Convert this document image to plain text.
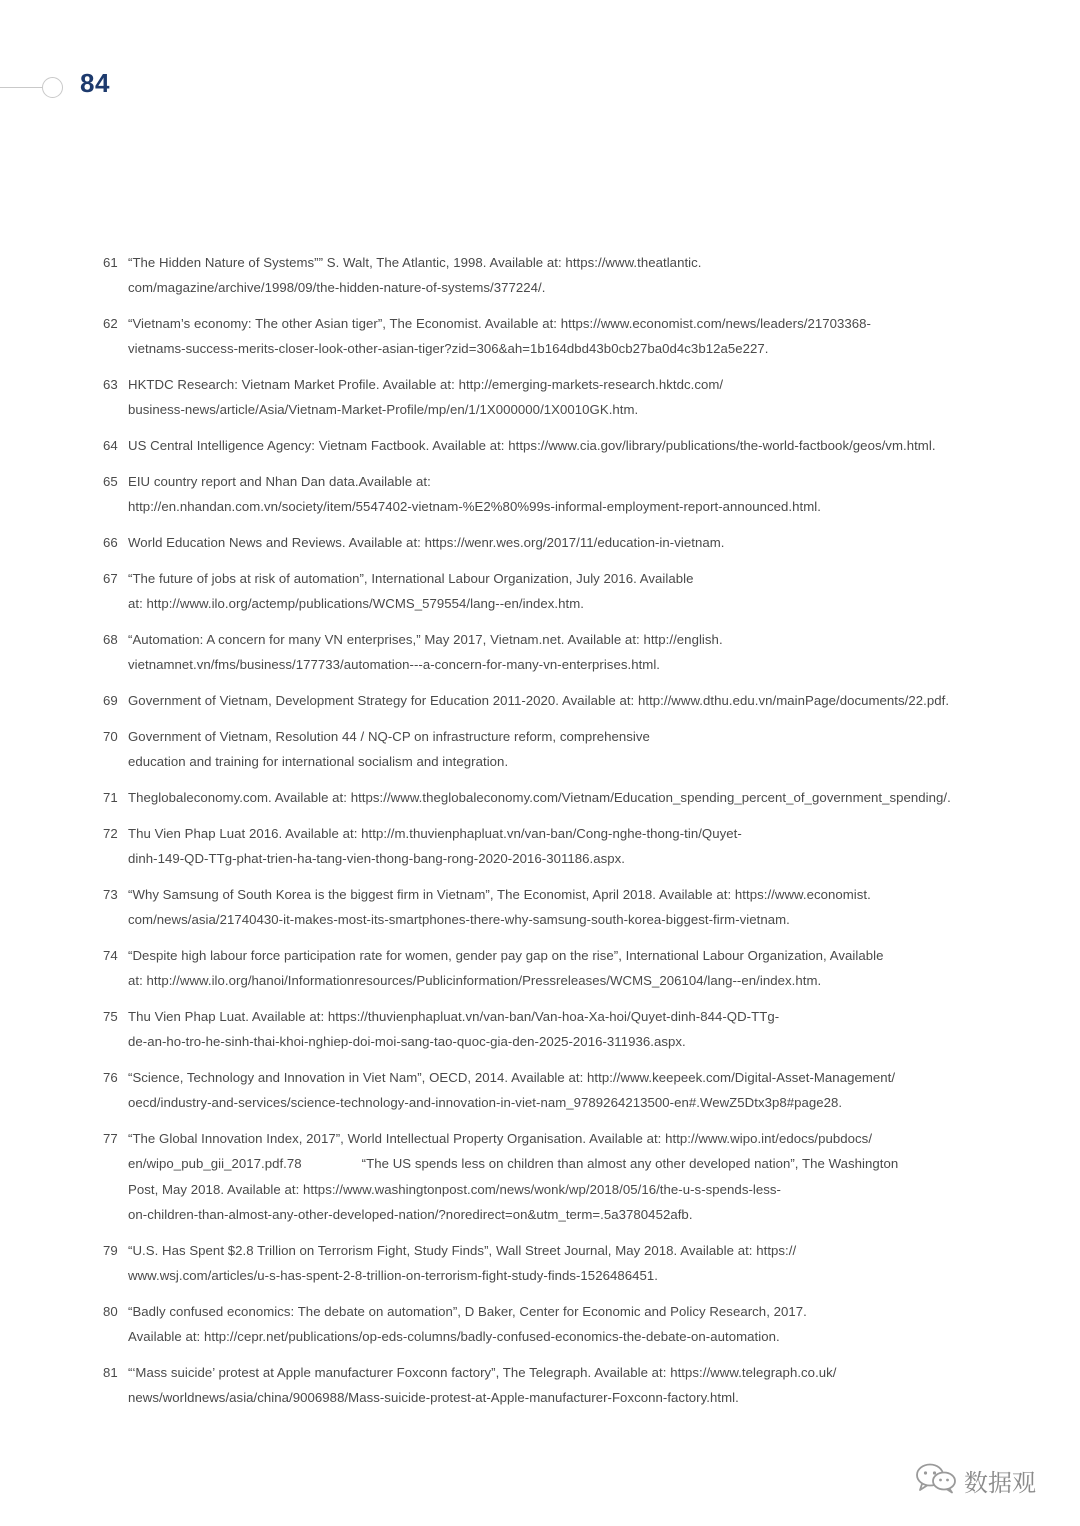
84
61 “The Hidden Nature of Systems”” S. Walt, The Atlantic, 1998. Available at: https://www.theatlantic.
com/magazine/archive/1998/09/the-hidden-nature-of-systems/377224/.
62 “Vietnam’s economy: The other Asian tiger”, The Economist. Available at: https://www.economist.com/news/leaders/21703368-
vietnams-success-merits-closer-look-other-asian-tiger?zid=306&ah=1b164dbd43b0cb27ba0d4c3b12a5e227.
63 HKTDC Research: Vietnam Market Profile. Available at: http://emerging-markets-research.hktdc.com/
business-news/article/Asia/Vietnam-Market-Profile/mp/en/1/1X000000/1X0010GK.htm.
64 US Central Intelligence Agency: Vietnam Factbook. Available at: https://www.cia.gov/library/publications/the-world-factbook/geos/vm.html.
65 EIU country report and Nhan Dan data.Available at:
http://en.nhandan.com.vn/society/item/5547402-vietnam-%E2%80%99s-informal-employment-report-announced.html.
66 World Education News and Reviews. Available at: https://wenr.wes.org/2017/11/education-in-vietnam.
67 “The future of jobs at risk of automation”, International Labour Organization, July 2016. Available
at: http://www.ilo.org/actemp/publications/WCMS_579554/lang--en/index.htm.
68 “Automation: A concern for many VN enterprises,” May 2017, Vietnam.net. Available at: http://english.
vietnamnet.vn/fms/business/177733/automation---a-concern-for-many-vn-enterprises.html.
69 Government of Vietnam, Development Strategy for Education 2011-2020. Available at: http://www.dthu.edu.vn/mainPage/documents/22.pdf.
70 Government of Vietnam, Resolution 44 / NQ-CP on infrastructure reform, comprehensive
education and training for international socialism and integration.
71 Theglobaleconomy.com. Available at: https://www.theglobaleconomy.com/Vietnam/Education_spending_percent_of_government_spending/.
72 Thu Vien Phap Luat 2016. Available at: http://m.thuvienphapluat.vn/van-ban/Cong-nghe-thong-tin/Quyet-
dinh-149-QD-TTg-phat-trien-ha-tang-vien-thong-bang-rong-2020-2016-301186.aspx.
73 “Why Samsung of South Korea is the biggest firm in Vietnam”, The Economist, April 2018. Available at: https://www.economist.
com/news/asia/21740430-it-makes-most-its-smartphones-there-why-samsung-south-korea-biggest-firm-vietnam.
74 “Despite high labour force participation rate for women, gender pay gap on the rise”, International Labour Organization, Available
at: http://www.ilo.org/hanoi/Informationresources/Publicinformation/Pressreleases/WCMS_206104/lang--en/index.htm.
75 Thu Vien Phap Luat. Available at: https://thuvienphapluat.vn/van-ban/Van-hoa-Xa-hoi/Quyet-dinh-844-QD-TTg-
de-an-ho-tro-he-sinh-thai-khoi-nghiep-doi-moi-sang-tao-quoc-gia-den-2025-2016-311936.aspx.
76 “Science, Technology and Innovation in Viet Nam”, OECD, 2014. Available at: http://www.keepeek.com/Digital-Asset-Management/
oecd/industry-and-services/science-technology-and-innovation-in-viet-nam_9789264213500-en#.WewZ5Dtx3p8#page28.
77 “The Global Innovation Index, 2017”, World Intellectual Property Organisation. Available at: http://www.wipo.int/edocs/pubdocs/
en/wipo_pub_gii_2017.pdf.78	“The US spends less on children than almost any other developed nation”, The Washington
Post, May 2018. Available at: https://www.washingtonpost.com/news/wonk/wp/2018/05/16/the-u-s-spends-less-
on-children-than-almost-any-other-developed-nation/?noredirect=on&utm_term=.5a3780452afb.
79 “U.S. Has Spent $2.8 Trillion on Terrorism Fight, Study Finds”, Wall Street Journal, May 2018. Available at: https://
www.wsj.com/articles/u-s-has-spent-2-8-trillion-on-terrorism-fight-study-finds-1526486451.
80 “Badly confused economics: The debate on automation”, D Baker, Center for Economic and Policy Research, 2017.
Available at: http://cepr.net/publications/op-eds-columns/badly-confused-economics-the-debate-on-automation.
81 “‘Mass suicide’ protest at Apple manufacturer Foxconn factory”, The Telegraph. Available at: https://www.telegraph.co.uk/
news/worldnews/asia/china/9006988/Mass-suicide-protest-at-Apple-manufacturer-Foxconn-factory.html.
数据观
